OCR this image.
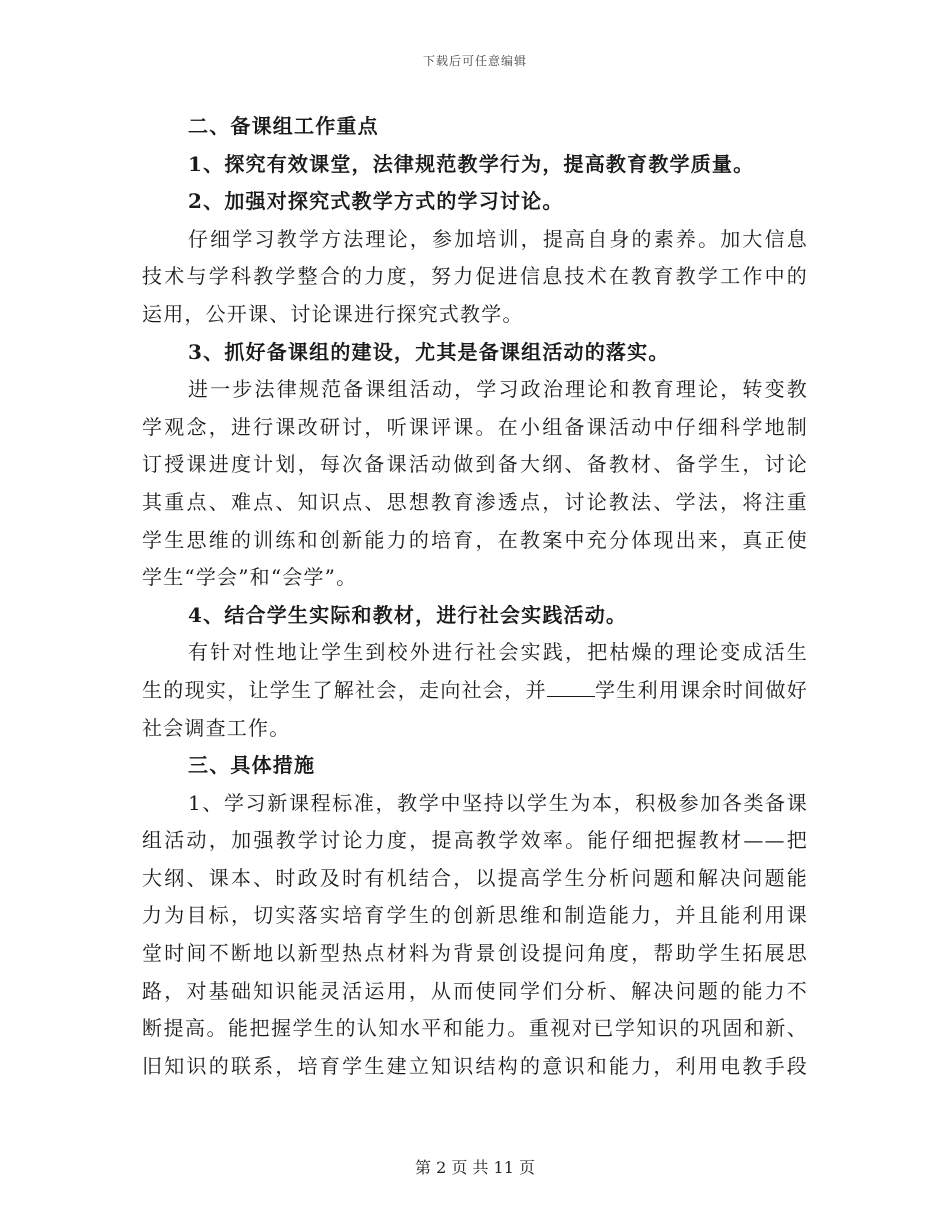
下载后可任意编辑
二、备课组工作重点
1、探究有效课堂，法律规范教学行为，提高教育教学质量。
2、加强对探究式教学方式的学习讨论。
仔细学习教学方法理论，参加培训，提高自身的素养。加大信息
技术与学科教学整合的力度，努力促进信息技术在教育教学工作中的
运用，公开课、讨论课进行探究式教学。
3、抓好备课组的建设，尤其是备课组活动的落实。
进一步法律规范备课组活动，学习政治理论和教育理论，转变教
学观念，进行课改研讨，听课评课。在小组备课活动中仔细科学地制
订授课进度计划，每次备课活动做到备大纲、备教材、备学生，讨论
其重点、难点、知识点、思想教育渗透点，讨论教法、学法，将注重
学生思维的训练和创新能力的培育，在教案中充分体现出来，真正使
学生“学会”和“会学”。
4、结合学生实际和教材，进行社会实践活动。
有针对性地让学生到校外进行社会实践，把枯燥的理论变成活生
生的现实，让学生了解社会，走向社会，并 学生利用课余时间做好
社会调查工作。
三、具体措施
1、学习新课程标准，教学中坚持以学生为本，积极参加各类备课
组活动，加强教学讨论力度，提高教学效率。能仔细把握教材——把
大纲、课本、时政及时有机结合，以提高学生分析问题和解决问题能
力为目标，切实落实培育学生的创新思维和制造能力，并且能利用课
堂时间不断地以新型热点材料为背景创设提问角度，帮助学生拓展思
路，对基础知识能灵活运用，从而使同学们分析、解决问题的能力不
断提高。能把握学生的认知水平和能力。重视对已学知识的巩固和新、
旧知识的联系，培育学生建立知识结构的意识和能力，利用电教手段
第 2 页 共 11 页
